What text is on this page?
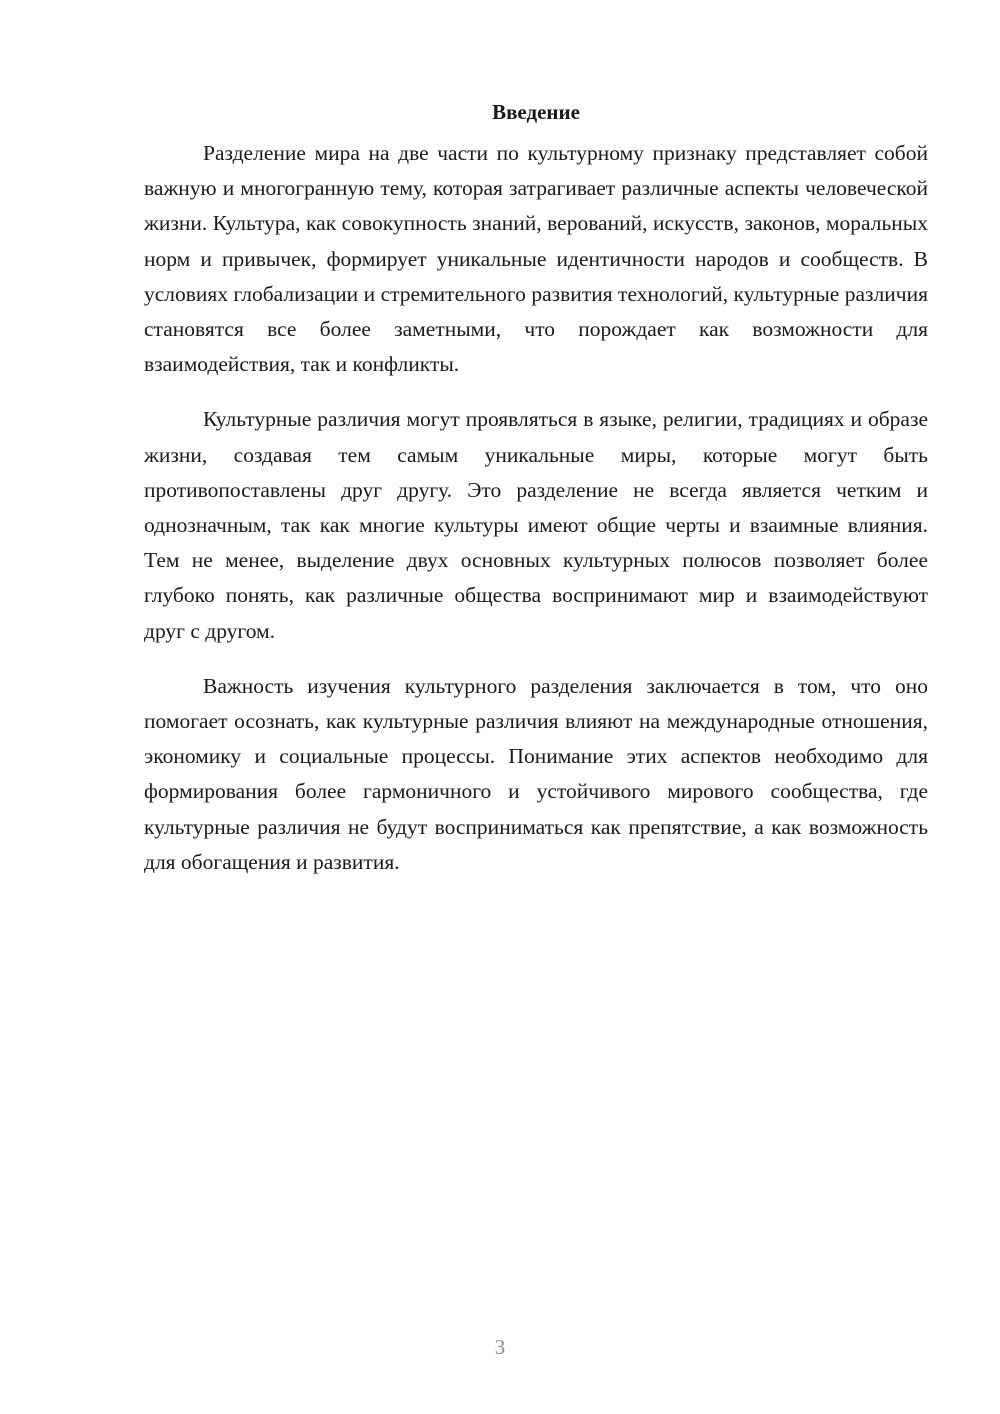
Введение

Разделение мира на две части по культурному признаку представляет собой важную и многогранную тему, которая затрагивает различные аспекты человеческой жизни. Культура, как совокупность знаний, верований, искусств, законов, моральных норм и привычек, формирует уникальные идентичности народов и сообществ. В условиях глобализации и стремительного развития технологий, культурные различия становятся все более заметными, что порождает как возможности для взаимодействия, так и конфликты.

Культурные различия могут проявляться в языке, религии, традициях и образе жизни, создавая тем самым уникальные миры, которые могут быть противопоставлены друг другу. Это разделение не всегда является четким и однозначным, так как многие культуры имеют общие черты и взаимные влияния. Тем не менее, выделение двух основных культурных полюсов позволяет более глубоко понять, как различные общества воспринимают мир и взаимодействуют друг с другом.

Важность изучения культурного разделения заключается в том, что оно помогает осознать, как культурные различия влияют на международные отношения, экономику и социальные процессы. Понимание этих аспектов необходимо для формирования более гармоничного и устойчивого мирового сообщества, где культурные различия не будут восприниматься как препятствие, а как возможность для обогащения и развития.

3
